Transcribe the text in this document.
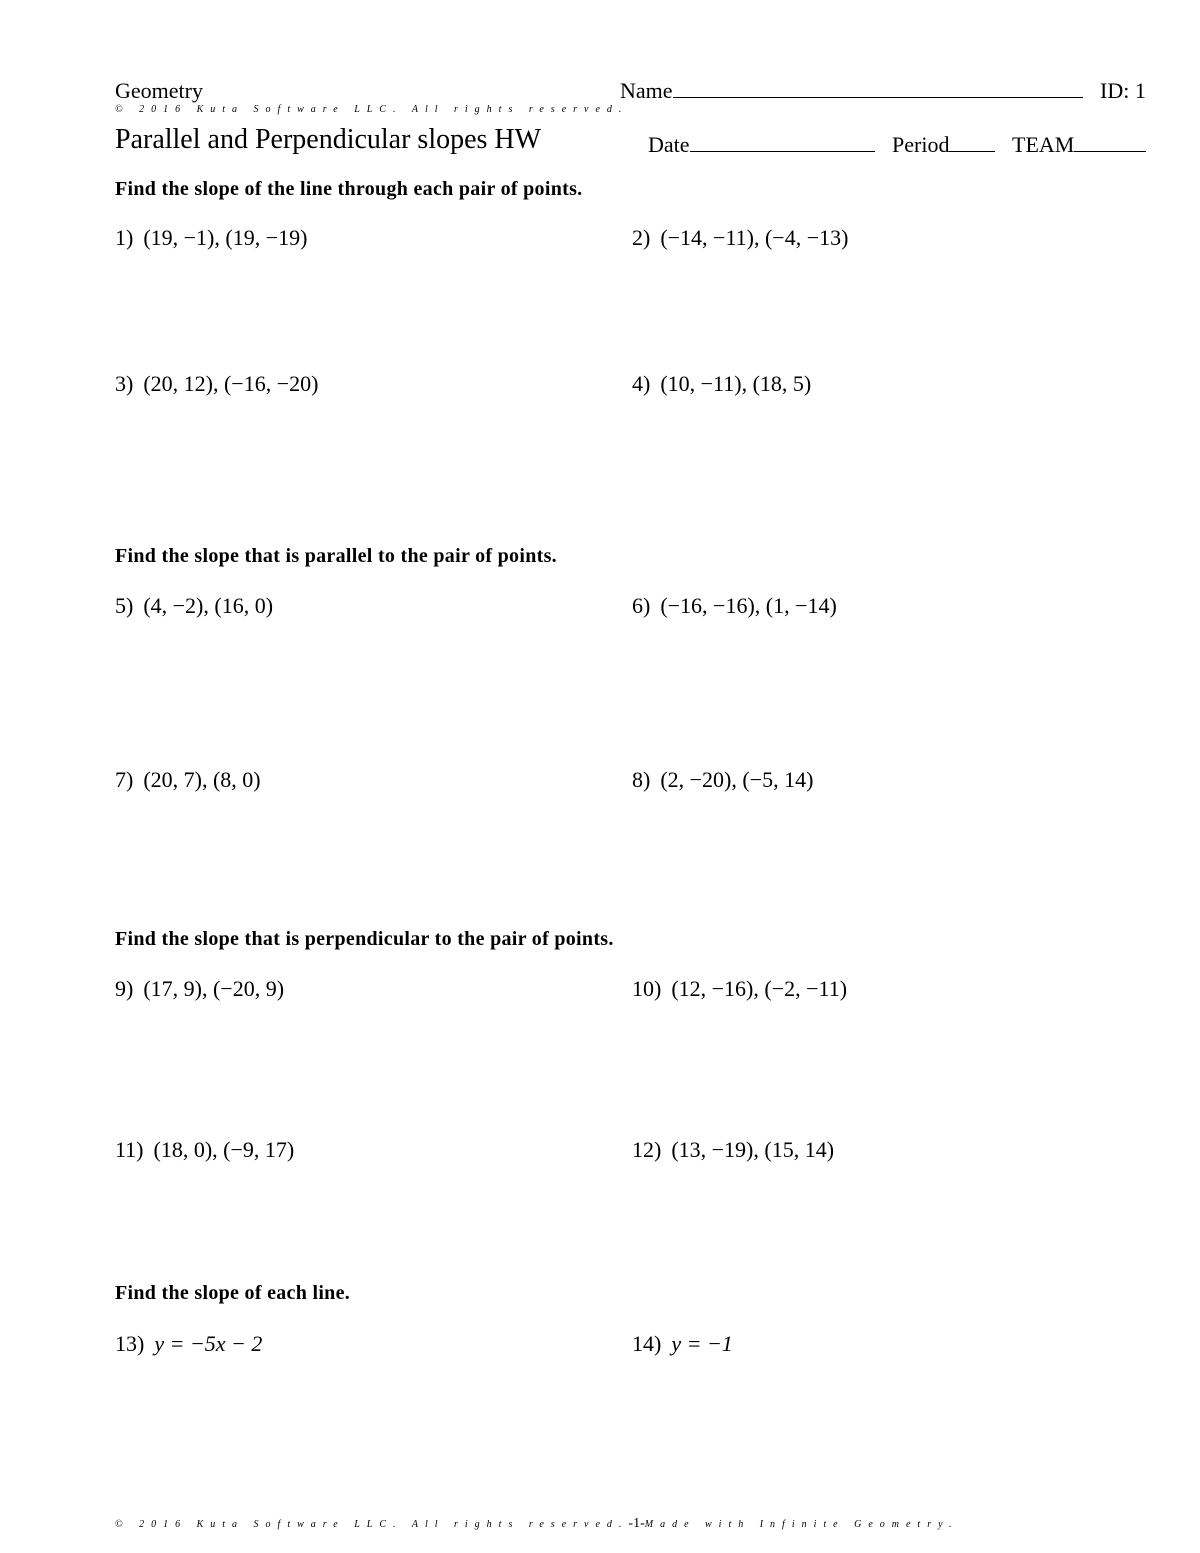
Geometry	Name	ID: 1
© 2016 Kuta Software LLC. All rights reserved.
Parallel and Perpendicular slopes HW	Date	Period	TEAM
Find the slope of the line through each pair of points.
1) (19, −1), (19, −19)	2) (−14, −11), (−4, −13)
3) (20, 12), (−16, −20)	4) (10, −11), (18, 5)
Find the slope that is parallel to the pair of points.
5) (4, −2), (16, 0)	6) (−16, −16), (1, −14)
7) (20, 7), (8, 0)	8) (2, −20), (−5, 14)
Find the slope that is perpendicular to the pair of points.
9) (17, 9), (−20, 9)	10) (12, −16), (−2, −11)
11) (18, 0), (−9, 17)	12) (13, −19), (15, 14)
Find the slope of each line.
13) y = −5x − 2	14) y = −1
© 2016 Kuta Software LLC. All rights reserved.-1-Made with Infinite Geometry.
